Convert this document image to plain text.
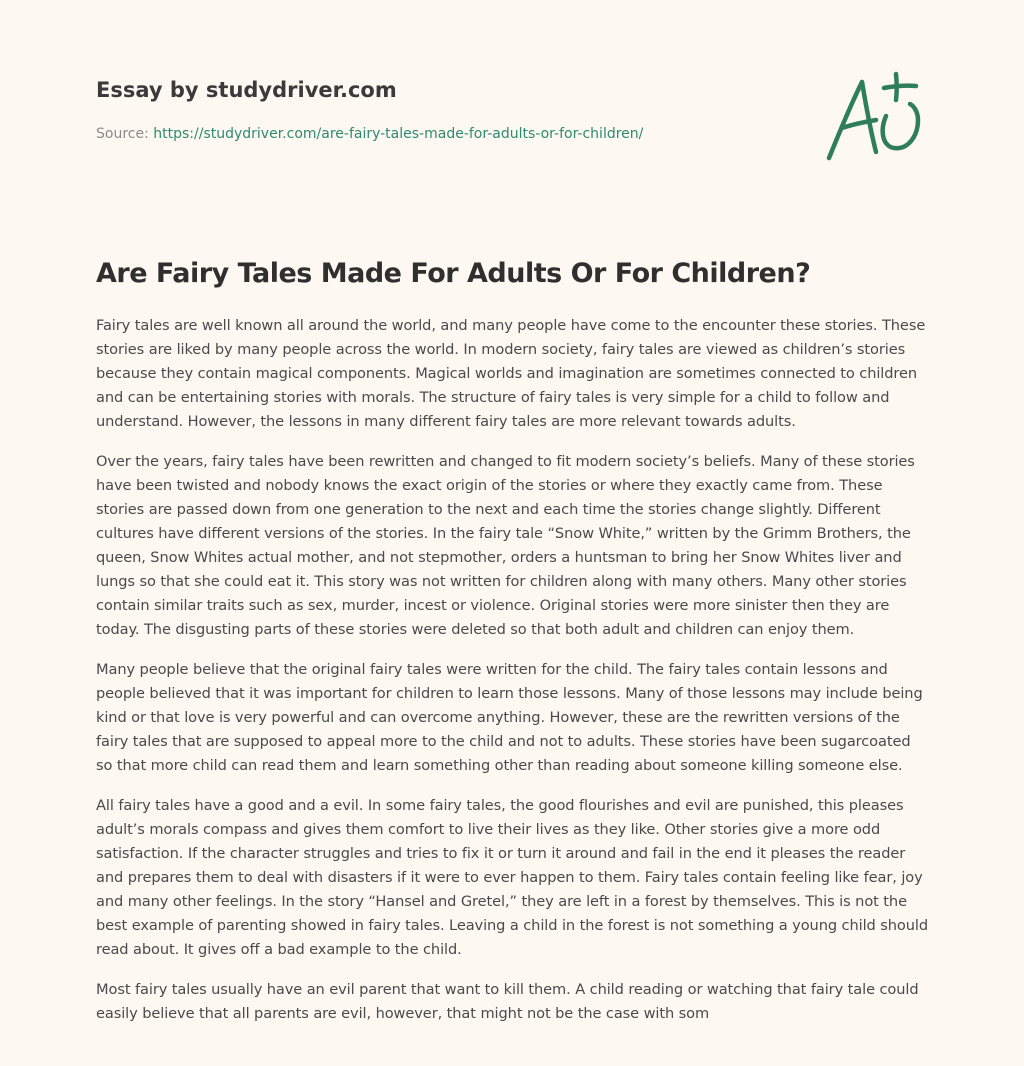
Essay by studydriver.com
Source: https://studydriver.com/are-fairy-tales-made-for-adults-or-for-children/
Are Fairy Tales Made For Adults Or For Children?

Fairy tales are well known all around the world, and many people have come to the encounter these stories. These stories are liked by many people across the world. In modern society, fairy tales are viewed as children’s stories because they contain magical components. Magical worlds and imagination are sometimes connected to children and can be entertaining stories with morals. The structure of fairy tales is very simple for a child to follow and understand. However, the lessons in many different fairy tales are more relevant towards adults.

Over the years, fairy tales have been rewritten and changed to fit modern society’s beliefs. Many of these stories have been twisted and nobody knows the exact origin of the stories or where they exactly came from. These stories are passed down from one generation to the next and each time the stories change slightly. Different cultures have different versions of the stories. In the fairy tale “Snow White,” written by the Grimm Brothers, the queen, Snow Whites actual mother, and not stepmother, orders a huntsman to bring her Snow Whites liver and lungs so that she could eat it. This story was not written for children along with many others. Many other stories contain similar traits such as sex, murder, incest or violence. Original stories were more sinister then they are today. The disgusting parts of these stories were deleted so that both adult and children can enjoy them.

Many people believe that the original fairy tales were written for the child. The fairy tales contain lessons and people believed that it was important for children to learn those lessons. Many of those lessons may include being kind or that love is very powerful and can overcome anything. However, these are the rewritten versions of the fairy tales that are supposed to appeal more to the child and not to adults. These stories have been sugarcoated so that more child can read them and learn something other than reading about someone killing someone else.

All fairy tales have a good and a evil. In some fairy tales, the good flourishes and evil are punished, this pleases adult’s morals compass and gives them comfort to live their lives as they like. Other stories give a more odd satisfaction. If the character struggles and tries to fix it or turn it around and fail in the end it pleases the reader and prepares them to deal with disasters if it were to ever happen to them. Fairy tales contain feeling like fear, joy and many other feelings. In the story “Hansel and Gretel,” they are left in a forest by themselves. This is not the best example of parenting showed in fairy tales. Leaving a child in the forest is not something a young child should read about. It gives off a bad example to the child.

Most fairy tales usually have an evil parent that want to kill them. A child reading or watching that fairy tale could easily believe that all parents are evil, however, that might not be the case with som
